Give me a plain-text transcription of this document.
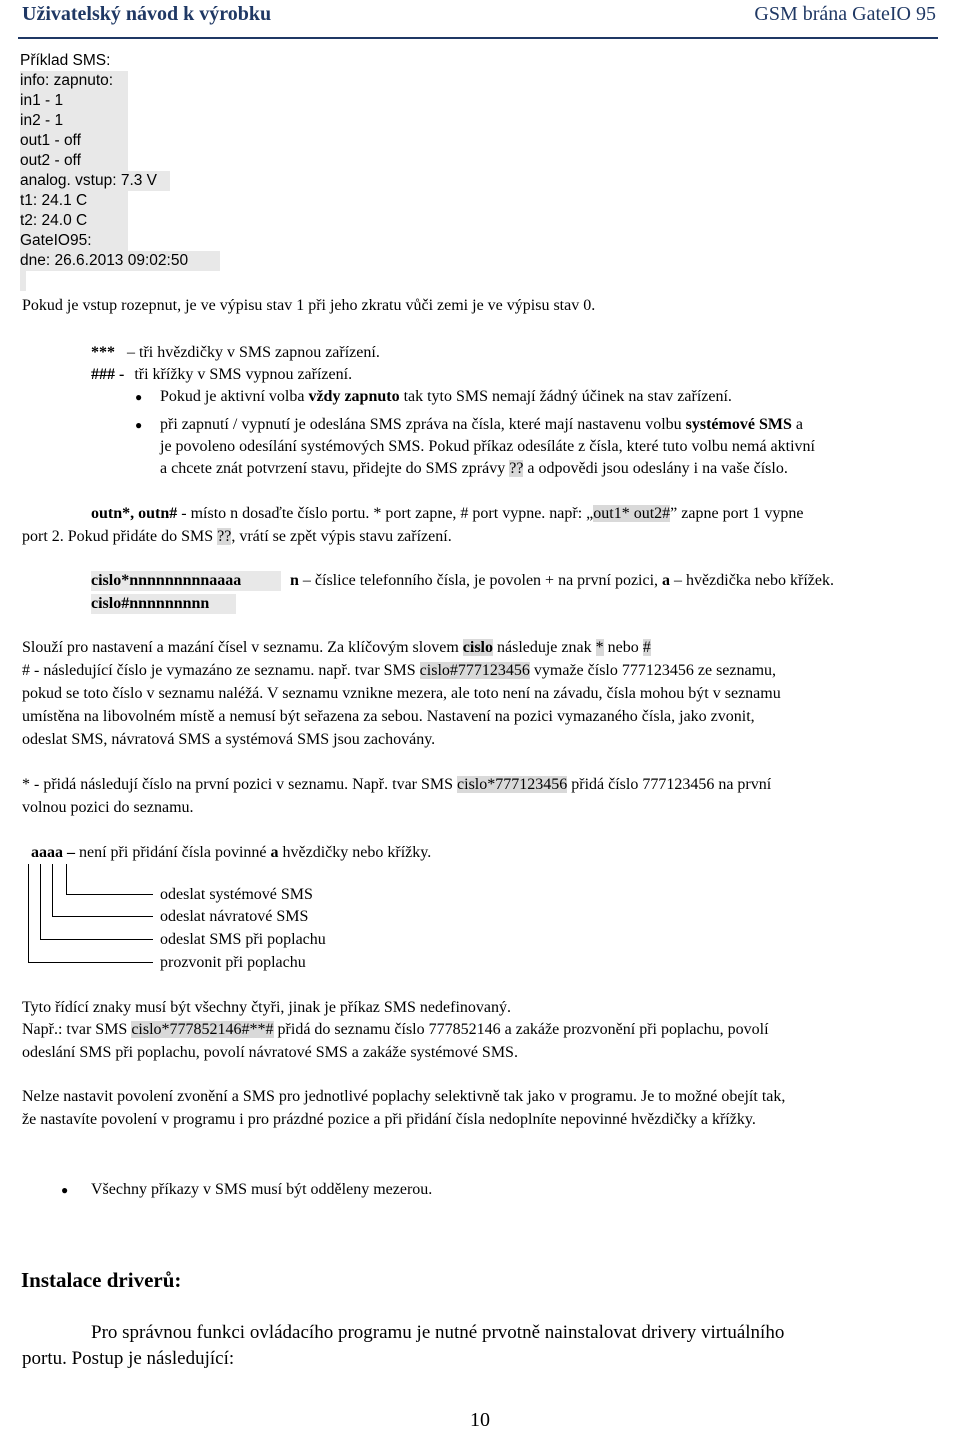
Uživatelský návod k výrobku	GSM brána GateIO 95
Příklad SMS:
info: zapnuto:
in1 - 1
in2 - 1
out1 - off
out2 - off
analog. vstup: 7.3 V
t1: 24.1 C
t2: 24.0 C
GateIO95:
dne: 26.6.2013 09:02:50
Pokud je vstup rozepnut, je ve výpisu stav 1 při jeho zkratu vůči zemi je ve výpisu stav 0.
*** – tři hvězdičky v SMS zapnou zařízení.
### - tři křížky v SMS vypnou zařízení.
● Pokud je aktivní volba vždy zapnuto tak tyto SMS nemají žádný účinek na stav zařízení.
● při zapnutí / vypnutí je odeslána SMS zpráva na čísla, které mají nastavenu volbu systémové SMS a
je povoleno odesílání systémových SMS. Pokud příkaz odesíláte z čísla, které tuto volbu nemá aktivní
a chcete znát potvrzení stavu, přidejte do SMS zprávy ?? a odpovědi jsou odeslány i na vaše číslo.
outn*, outn# - místo n dosaďte číslo portu. * port zapne, # port vypne. např: „out1* out2#” zapne port 1 vypne
port 2. Pokud přidáte do SMS ??, vrátí se zpět výpis stavu zařízení.
cislo*nnnnnnnnnaaaa
cislo#nnnnnnnnn
n – číslice telefonního čísla, je povolen + na první pozici, a – hvězdička nebo křížek.
Slouží pro nastavení a mazání čísel v seznamu. Za klíčovým slovem cislo následuje znak * nebo #
# - následující číslo je vymazáno ze seznamu. např. tvar SMS cislo#777123456 vymaže číslo 777123456 ze seznamu,
pokud se toto číslo v seznamu naléžá. V seznamu vznikne mezera, ale toto není na závadu, čísla mohou být v seznamu
umístěna na libovolném místě a nemusí být seřazena za sebou. Nastavení na pozici vymazaného čísla, jako zvonit,
odeslat SMS, návratová SMS a systémová SMS jsou zachovány.
* - přidá následují číslo na první pozici v seznamu. Např. tvar SMS cislo*777123456 přidá číslo 777123456 na první
volnou pozici do seznamu.
aaaa – není při přidání čísla povinné a hvězdičky nebo křížky.
odeslat systémové SMS
odeslat návratové SMS
odeslat SMS při poplachu
prozvonit při poplachu
Tyto řídící znaky musí být všechny čtyři, jinak je příkaz SMS nedefinovaný.
Např.: tvar SMS cislo*777852146#**# přidá do seznamu číslo 777852146 a zakáže prozvonění při poplachu, povolí
odeslání SMS při poplachu, povolí návratové SMS a zakáže systémové SMS.
Nelze nastavit povolení zvonění a SMS pro jednotlivé poplachy selektivně tak jako v programu. Je to možné obejít tak,
že nastavíte povolení v programu i pro prázdné pozice a při přidání čísla nedoplníte nepovinné hvězdičky a křížky.
● Všechny příkazy v SMS musí být odděleny mezerou.
Instalace driverů:
Pro správnou funkci ovládacího programu je nutné prvotně nainstalovat drivery virtuálního
portu. Postup je následující:
10
